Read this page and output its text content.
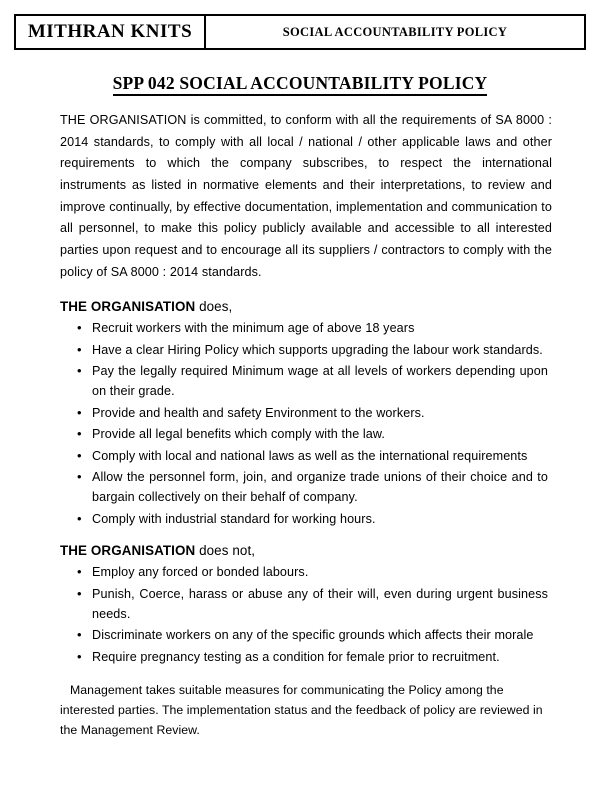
MITHRAN KNITS	SOCIAL ACCOUNTABILITY POLICY
SPP 042 SOCIAL ACCOUNTABILITY POLICY

THE ORGANISATION is committed, to conform with all the requirements of SA 8000 : 2014 standards, to comply with all local / national / other applicable laws and other requirements to which the company subscribes, to respect the international instruments as listed in normative elements and their interpretations, to review and improve continually, by effective documentation, implementation and communication to all personnel, to make this policy publicly available and accessible to all interested parties upon request and to encourage all its suppliers / contractors to comply with the policy of SA 8000 : 2014 standards.

THE ORGANISATION does,
• Recruit workers with the minimum age of above 18 years
• Have a clear Hiring Policy which supports upgrading the labour work standards.
• Pay the legally required Minimum wage at all levels of workers depending upon on their grade.
• Provide and health and safety Environment to the workers.
• Provide all legal benefits which comply with the law.
• Comply with local and national laws as well as the international requirements
• Allow the personnel form, join, and organize trade unions of their choice and to bargain collectively on their behalf of company.
• Comply with industrial standard for working hours.
THE ORGANISATION does not,
• Employ any forced or bonded labours.
• Punish, Coerce, harass or abuse any of their will, even during urgent business needs.
• Discriminate workers on any of the specific grounds which affects their morale
• Require pregnancy testing as a condition for female prior to recruitment.

Management takes suitable measures for communicating the Policy among the interested parties. The implementation status and the feedback of policy are reviewed in the Management Review.
